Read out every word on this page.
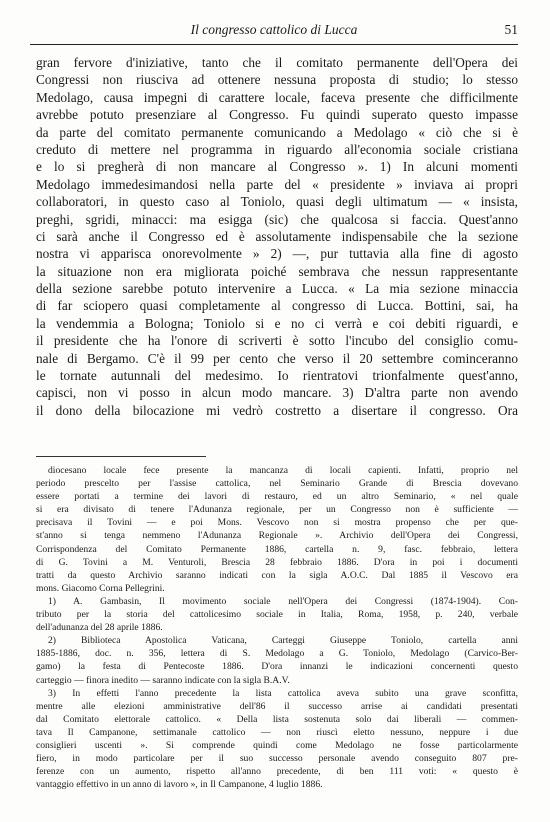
Il congresso cattolico di Lucca	51
gran fervore d'iniziative, tanto che il comitato permanente dell'Opera dei
Congressi non riusciva ad ottenere nessuna proposta di studio; lo stesso
Medolago, causa impegni di carattere locale, faceva presente che difficilmente
avrebbe potuto presenziare al Congresso. Fu quindi superato questo impasse
da parte del comitato permanente comunicando a Medolago « ciò che si è
creduto di mettere nel programma in riguardo all'economia sociale cristiana
e lo si pregherà di non mancare al Congresso ». 1) In alcuni momenti
Medolago immedesimandosi nella parte del « presidente » inviava ai propri
collaboratori, in questo caso al Toniolo, quasi degli ultimatum — « insista,
preghi, sgridi, minacci: ma esigga (sic) che qualcosa si faccia. Quest'anno
ci sarà anche il Congresso ed è assolutamente indispensabile che la sezione
nostra vi apparisca onorevolmente » 2) —, pur tuttavia alla fine di agosto
la situazione non era migliorata poiché sembrava che nessun rappresentante
della sezione sarebbe potuto intervenire a Lucca. « La mia sezione minaccia
di far sciopero quasi completamente al congresso di Lucca. Bottini, sai, ha
la vendemmia a Bologna; Toniolo si e no ci verrà e coi debiti riguardi, e
il presidente che ha l'onore di scriverti è sotto l'incubo del consiglio comu-
nale di Bergamo. C'è il 99 per cento che verso il 20 settembre cominceranno
le tornate autunnali del medesimo. Io rientratovi trionfalmente quest'anno,
capisci, non vi posso in alcun modo mancare. 3) D'altra parte non avendo
il dono della bilocazione mi vedrò costretto a disertare il congresso. Ora
diocesano locale fece presente la mancanza di locali capienti. Infatti, proprio nel
periodo prescelto per l'assise cattolica, nel Seminario Grande di Brescia dovevano
essere portati a termine dei lavori di restauro, ed un altro Seminario, « nel quale
si era divisato di tenere l'Adunanza regionale, per un Congresso non è sufficiente —
precisava il Tovini — e poi Mons. Vescovo non si mostra propenso che per que-
st'anno si tenga nemmeno l'Adunanza Regionale ». Archivio dell'Opera dei Congressi,
Corrispondenza del Comitato Permanente 1886, cartella n. 9, fasc. febbraio, lettera
di G. Tovini a M. Venturoli, Brescia 28 febbraio 1886. D'ora in poi i documenti
tratti da questo Archivio saranno indicati con la sigla A.O.C. Dal 1885 il Vescovo era
mons. Giacomo Corna Pellegrini.
1) A. Gambasin, Il movimento sociale nell'Opera dei Congressi (1874-1904). Con-
tributo per la storia del cattolicesimo sociale in Italia, Roma, 1958, p. 240, verbale
dell'adunanza del 28 aprile 1886.
2) Biblioteca Apostolica Vaticana, Carteggi Giuseppe Toniolo, cartella anni
1885-1886, doc. n. 356, lettera di S. Medolago a G. Toniolo, Medolago (Carvico-Ber-
gamo) la festa di Pentecoste 1886. D'ora innanzi le indicazioni concernenti questo
carteggio — finora inedito — saranno indicate con la sigla B.A.V.
3) In effetti l'anno precedente la lista cattolica aveva subito una grave sconfitta,
mentre alle elezioni amministrative dell'86 il successo arrise ai candidati presentati
dal Comitato elettorale cattolico. « Della lista sostenuta solo dai liberali — commen-
tava Il Campanone, settimanale cattolico — non riuscì eletto nessuno, neppure i due
consiglieri uscenti ». Si comprende quindi come Medolago ne fosse particolarmente
fiero, in modo particolare per il suo successo personale avendo conseguito 807 pre-
ferenze con un aumento, rispetto all'anno precedente, di ben 111 voti: « questo è
vantaggio effettivo in un anno di lavoro », in Il Campanone, 4 luglio 1886.
